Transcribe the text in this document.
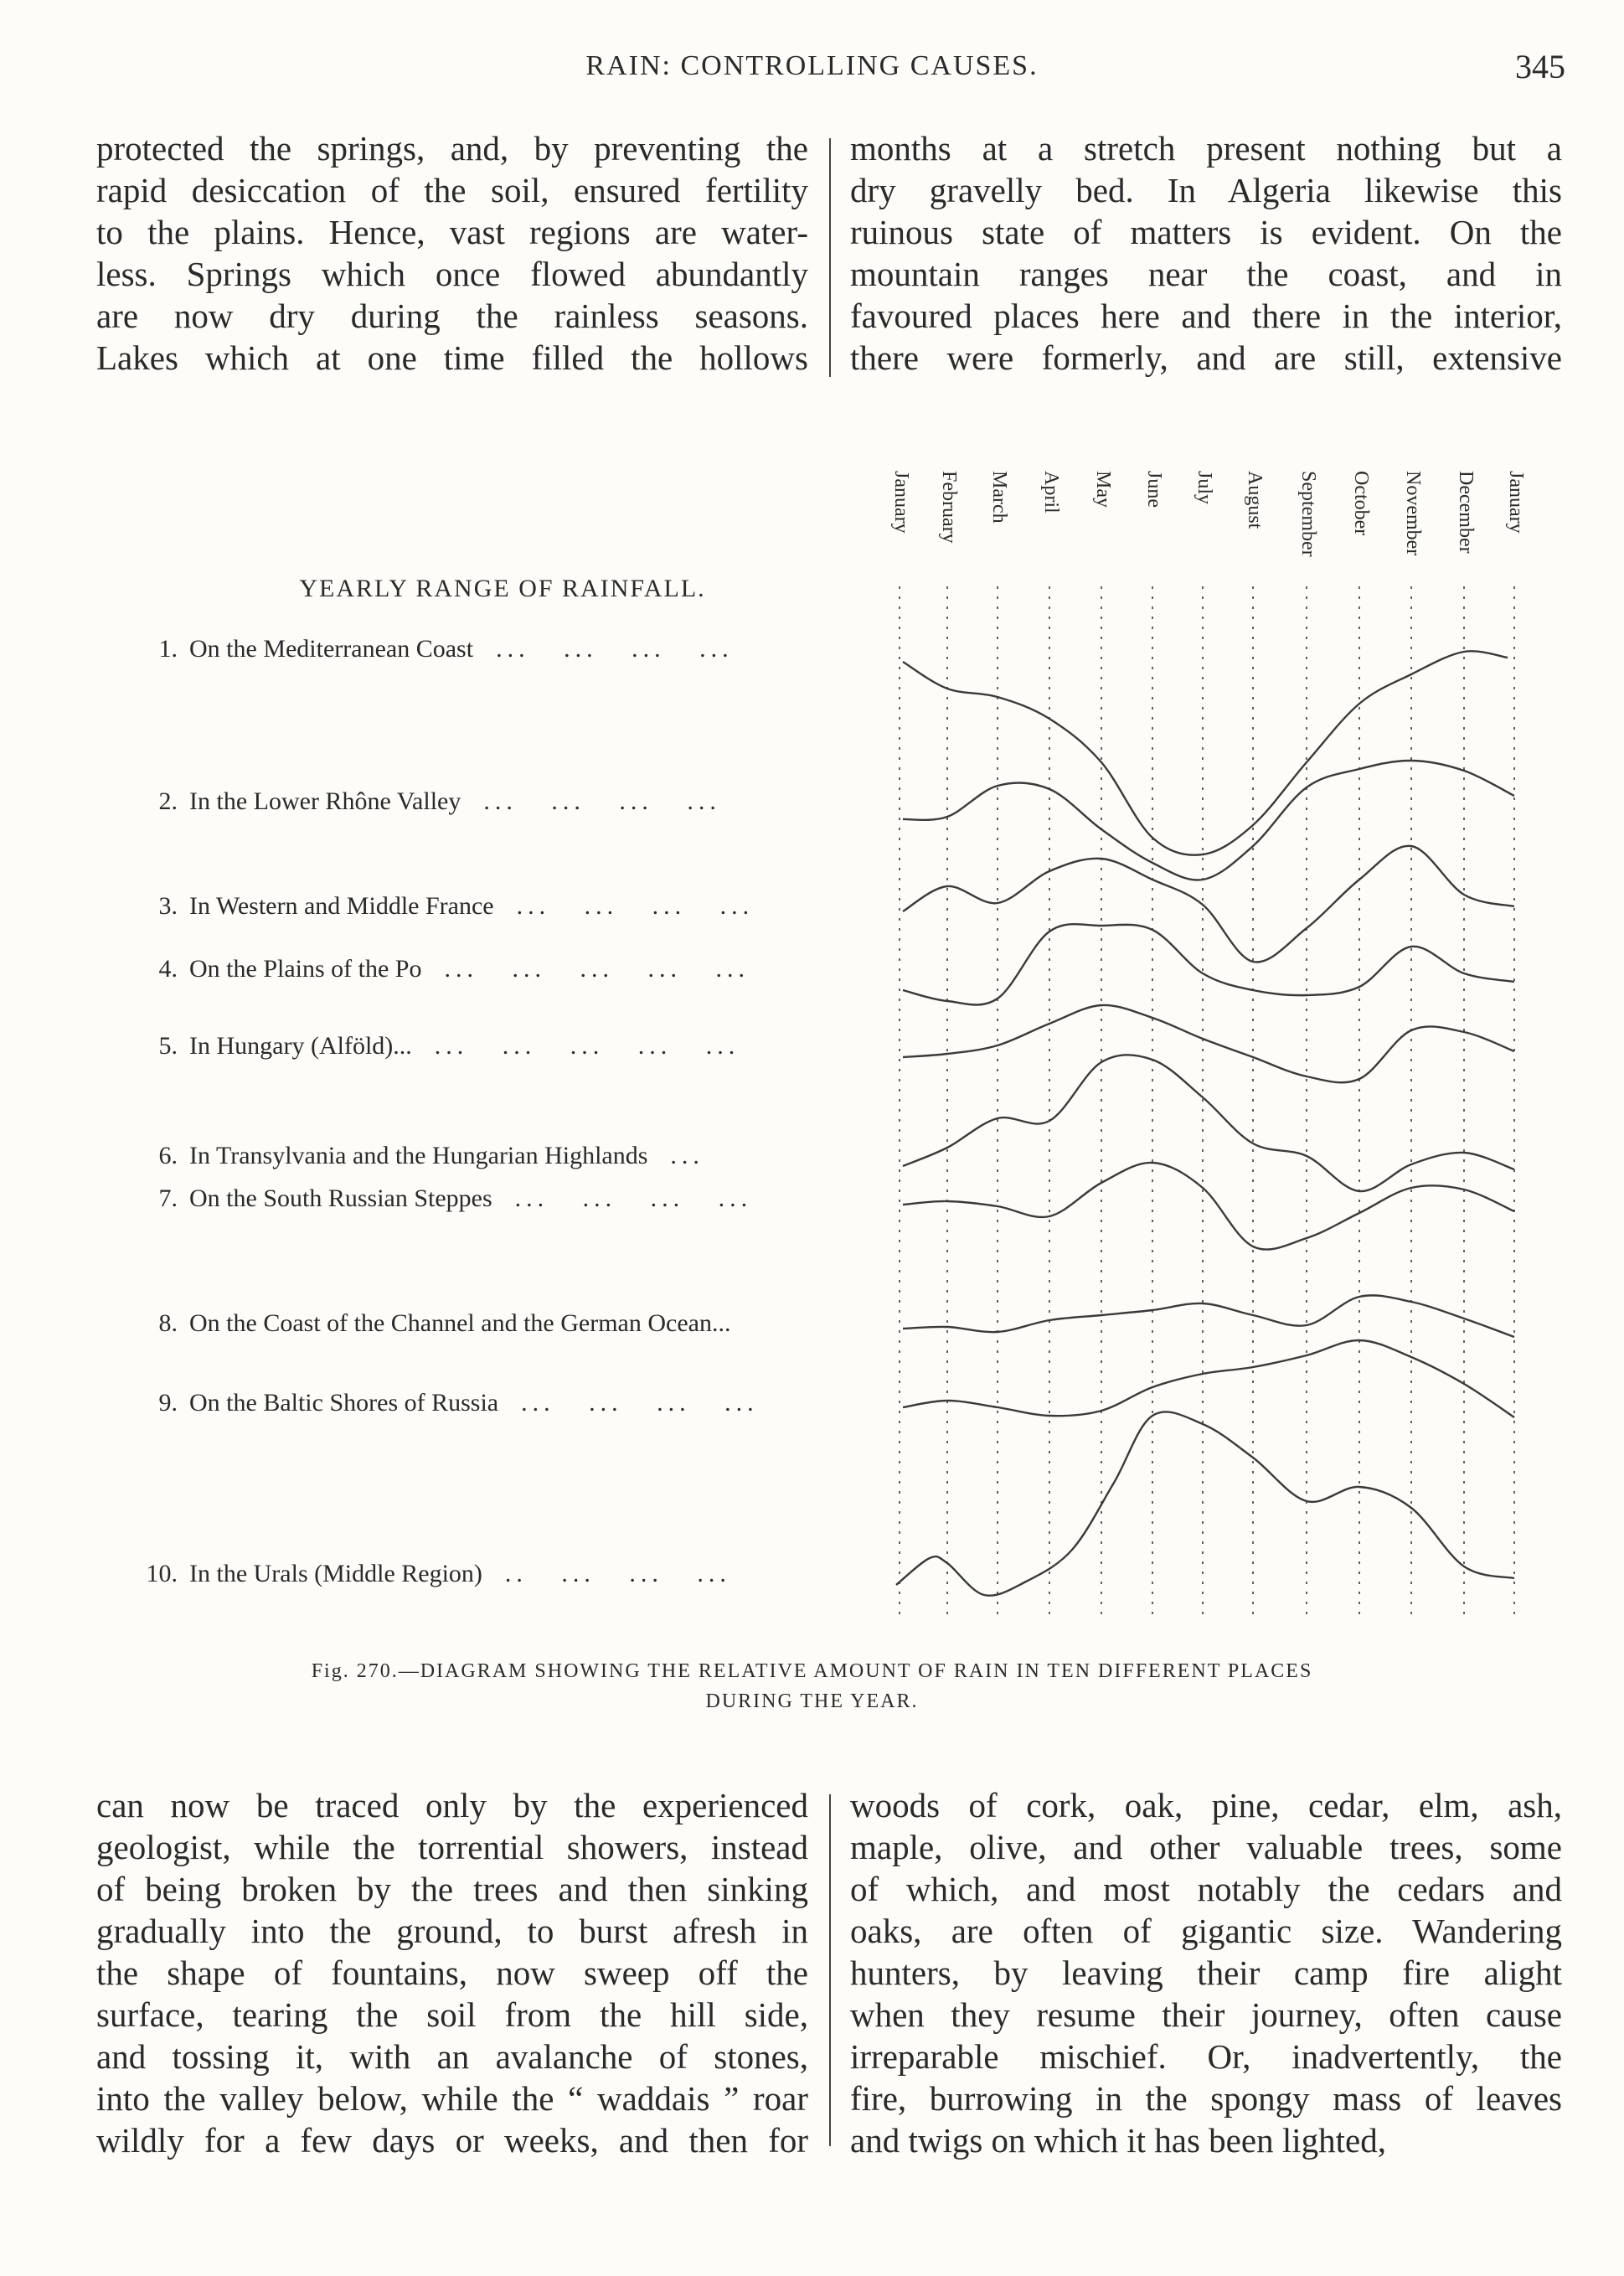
RAIN: CONTROLLING CAUSES.	345
protected the springs, and, by preventing the
rapid desiccation of the soil, ensured fertility
to the plains. Hence, vast regions are water-
less. Springs which once flowed abundantly
are now dry during the rainless seasons.
Lakes which at one time filled the hollows
months at a stretch present nothing but a
dry gravelly bed. In Algeria likewise this
ruinous state of matters is evident. On the
mountain ranges near the coast, and in
favoured places here and there in the interior,
there were formerly, and are still, extensive
YEARLY RANGE OF RAINFALL.
January February March April May June July August September October November December January
1. On the Mediterranean Coast  ...   ...   ...   ...
2. In the Lower Rhône Valley  ...   ...   ...   ...
3. In Western and Middle France  ...   ...   ...   ...
4. On the Plains of the Po  ...   ...   ...   ...   ...
5. In Hungary (Alföld)...  ...   ...   ...   ...   ...
6. In Transylvania and the Hungarian Highlands  ...
7. On the South Russian Steppes  ...   ...   ...   ...
8. On the Coast of the Channel and the German Ocean...
9. On the Baltic Shores of Russia  ...   ...   ...   ...
10. In the Urals (Middle Region)  ..   ...   ...   ...
Fig. 270.—DIAGRAM SHOWING THE RELATIVE AMOUNT OF RAIN IN TEN DIFFERENT PLACES
DURING THE YEAR.
can now be traced only by the experienced
geologist, while the torrential showers, instead
of being broken by the trees and then sinking
gradually into the ground, to burst afresh in
the shape of fountains, now sweep off the
surface, tearing the soil from the hill side,
and tossing it, with an avalanche of stones,
into the valley below, while the “ waddais ” roar
wildly for a few days or weeks, and then for
woods of cork, oak, pine, cedar, elm, ash,
maple, olive, and other valuable trees, some
of which, and most notably the cedars and
oaks, are often of gigantic size. Wandering
hunters, by leaving their camp fire alight
when they resume their journey, often cause
irreparable mischief. Or, inadvertently, the
fire, burrowing in the spongy mass of leaves
and twigs on which it has been lighted,
